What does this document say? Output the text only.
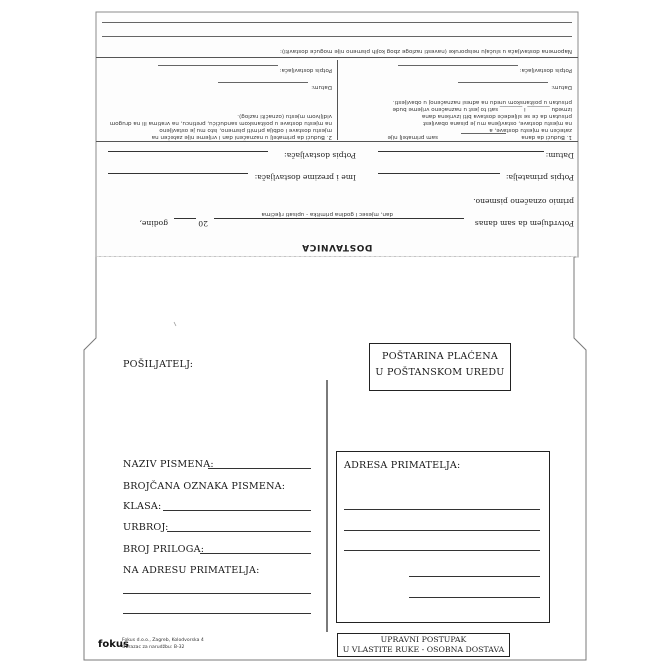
DOSTAVNICA
Potvrđujem da sam danas
20
godine,
dan, mjesec i godina primitka - upisati riječima
primio označeno pismeno.
Potpis primatelja:
Ime i prezime dostavljača:
Datum:
Potpis dostavljača:
1. Budući da dana
zatečen na mjestu dostave, a
na mjestu dostave, ostavljena mu je pisana obavijest
prisutan da će se slijedeće dostava biti izvršena dana
između ________ i ________ sati to jest u naznačeno vrijeme bude
prisutan u poštanskom uredu na adresi naznačenoj u obavijesti.
sam primatelj nije
2. Budući da primatelj u naznačeni dan i vrijeme nije zatečen na
mjestu dostave i odbija primiti pismeno, isto mu je ostavljeno
na mjestu dostave u poštanskom sandučiću, pretincu, na vratima ili na drugom
vidljivom mjestu (označiti razlog).
Datum:
Datum:
Potpis dostavljača:
Potpis dostavljača:
Napomena dostavljača u slučaju neisporuke (navesti razloge zbog kojih pismeno nije moguće dostaviti):
POŠTARINA PLAĆENA
U POŠTANSKOM UREDU
POŠILJATELJ:
NAZIV PISMENA:
BROJČANA OZNAKA PISMENA:
KLASA:
URBROJ:
BROJ PRILOGA:
NA ADRESU PRIMATELJA:
ADRESA PRIMATELJA:
UPRAVNI POSTUPAK
U VLASTITE RUKE - OSOBNA DOSTAVA
fokus
Fokus d.o.o., Zagreb, Kolodvorska 4
Obrazac za narudžbu: B-32
